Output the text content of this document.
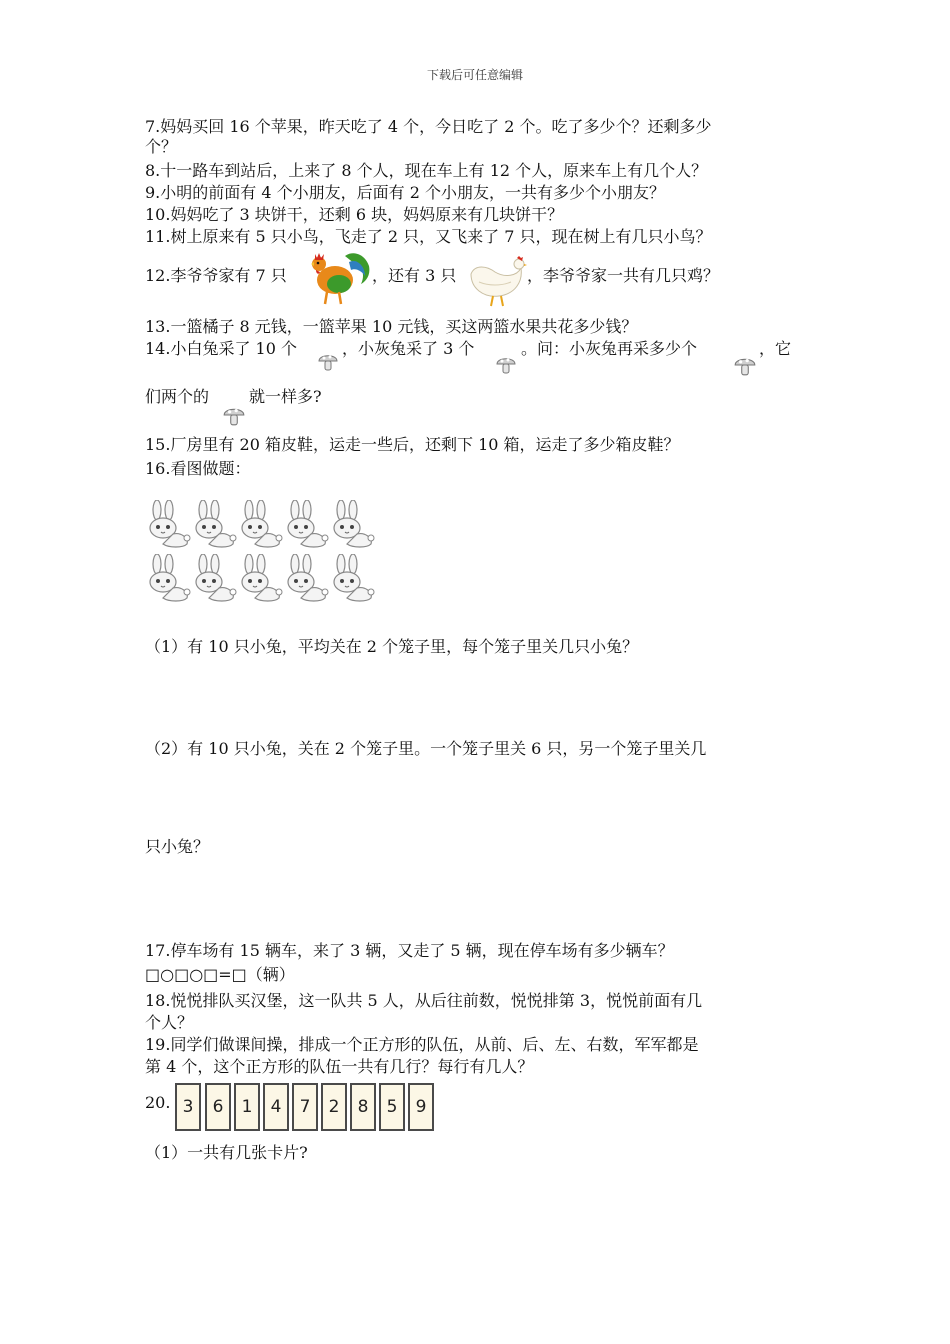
下载后可任意编辑
7.妈妈买回 16 个苹果，昨天吃了 4 个，今日吃了 2 个。吃了多少个？还剩多少
个？
8.十一路车到站后，上来了 8 个人，现在车上有 12 个人，原来车上有几个人？
9.小明的前面有 4 个小朋友，后面有 2 个小朋友，一共有多少个小朋友？
10.妈妈吃了 3 块饼干，还剩 6 块，妈妈原来有几块饼干？
11.树上原来有 5 只小鸟，飞走了 2 只，又飞来了 7 只，现在树上有几只小鸟？
12.李爷爷家有 7 只	，还有 3 只	，李爷爷家一共有几只鸡？
13.一篮橘子 8 元钱，一篮苹果 10 元钱，买这两篮水果共花多少钱？
14.小白兔采了 10 个	，小灰兔采了 3 个	。问：小灰兔再采多少个	，它
们两个的 就一样多?
15.厂房里有 20 箱皮鞋，运走一些后，还剩下 10 箱，运走了多少箱皮鞋？
16.看图做题：
（1）有 10 只小兔，平均关在 2 个笼子里，每个笼子里关几只小兔？
（2）有 10 只小兔，关在 2 个笼子里。一个笼子里关 6 只，另一个笼子里关几
只小兔？
17.停车场有 15 辆车，来了 3 辆，又走了 5 辆，现在停车场有多少辆车？
□○□○□=□（辆）
18.悦悦排队买汉堡，这一队共 5 人，从后往前数，悦悦排第 3，悦悦前面有几
个人？
19.同学们做课间操，排成一个正方形的队伍，从前、后、左、右数，军军都是
第 4 个，这个正方形的队伍一共有几行？每行有几人？
20. 3	6	1	4	7	2	8	5	9
（1）一共有几张卡片?
